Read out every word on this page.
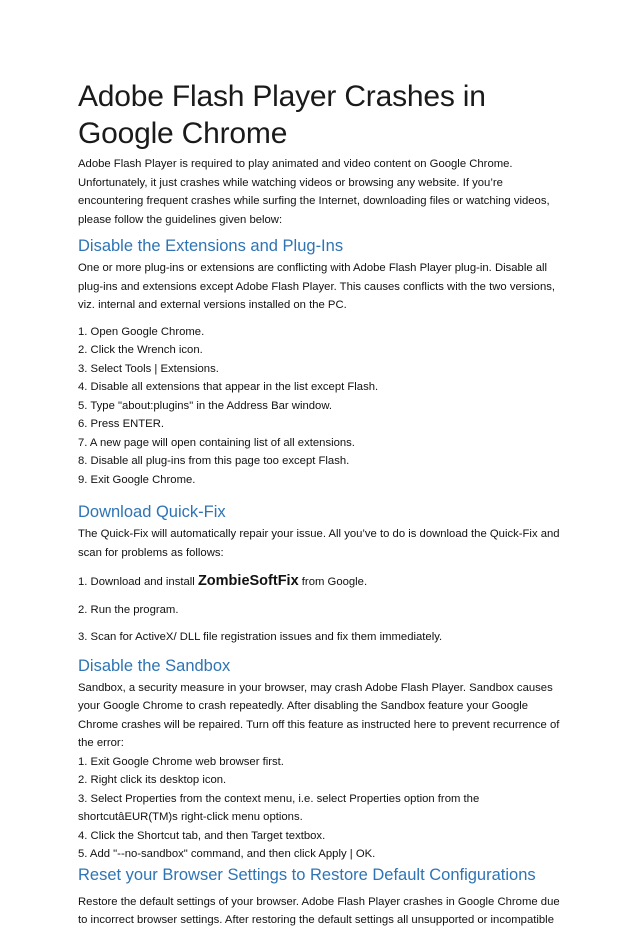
Adobe Flash Player Crashes in Google Chrome

Adobe Flash Player is required to play animated and video content on Google Chrome. Unfortunately, it just crashes while watching videos or browsing any website. If you’re encountering frequent crashes while surfing the Internet, downloading files or watching videos, please follow the guidelines given below:

Disable the Extensions and Plug-Ins

One or more plug-ins or extensions are conflicting with Adobe Flash Player plug-in. Disable all plug-ins and extensions except Adobe Flash Player. This causes conflicts with the two versions, viz. internal and external versions installed on the PC.

1. Open Google Chrome.
2. Click the Wrench icon.
3. Select Tools | Extensions.
4. Disable all extensions that appear in the list except Flash.
5. Type "about:plugins" in the Address Bar window.
6. Press ENTER.
7. A new page will open containing list of all extensions.
8. Disable all plug-ins from this page too except Flash.
9. Exit Google Chrome.
Download Quick-Fix

The Quick-Fix will automatically repair your issue. All you’ve to do is download the Quick-Fix and scan for problems as follows:

1. Download and install ZombieSoftFix from Google.

2. Run the program.

3. Scan for ActiveX/ DLL file registration issues and fix them immediately.

Disable the Sandbox

Sandbox, a security measure in your browser, may crash Adobe Flash Player. Sandbox causes your Google Chrome to crash repeatedly. After disabling the Sandbox feature your Google Chrome crashes will be repaired. Turn off this feature as instructed here to prevent recurrence of the error:

1. Exit Google Chrome web browser first.
2. Right click its desktop icon.
3. Select Properties from the context menu, i.e. select Properties option from the shortcutâEUR(TM)s right-click menu options.
4. Click the Shortcut tab, and then Target textbox.
5. Add "--no-sandbox" command, and then click Apply | OK.
Reset your Browser Settings to Restore Default Configurations

Restore the default settings of your browser. Adobe Flash Player crashes in Google Chrome due to incorrect browser settings. After restoring the default settings all unsupported or incompatible
